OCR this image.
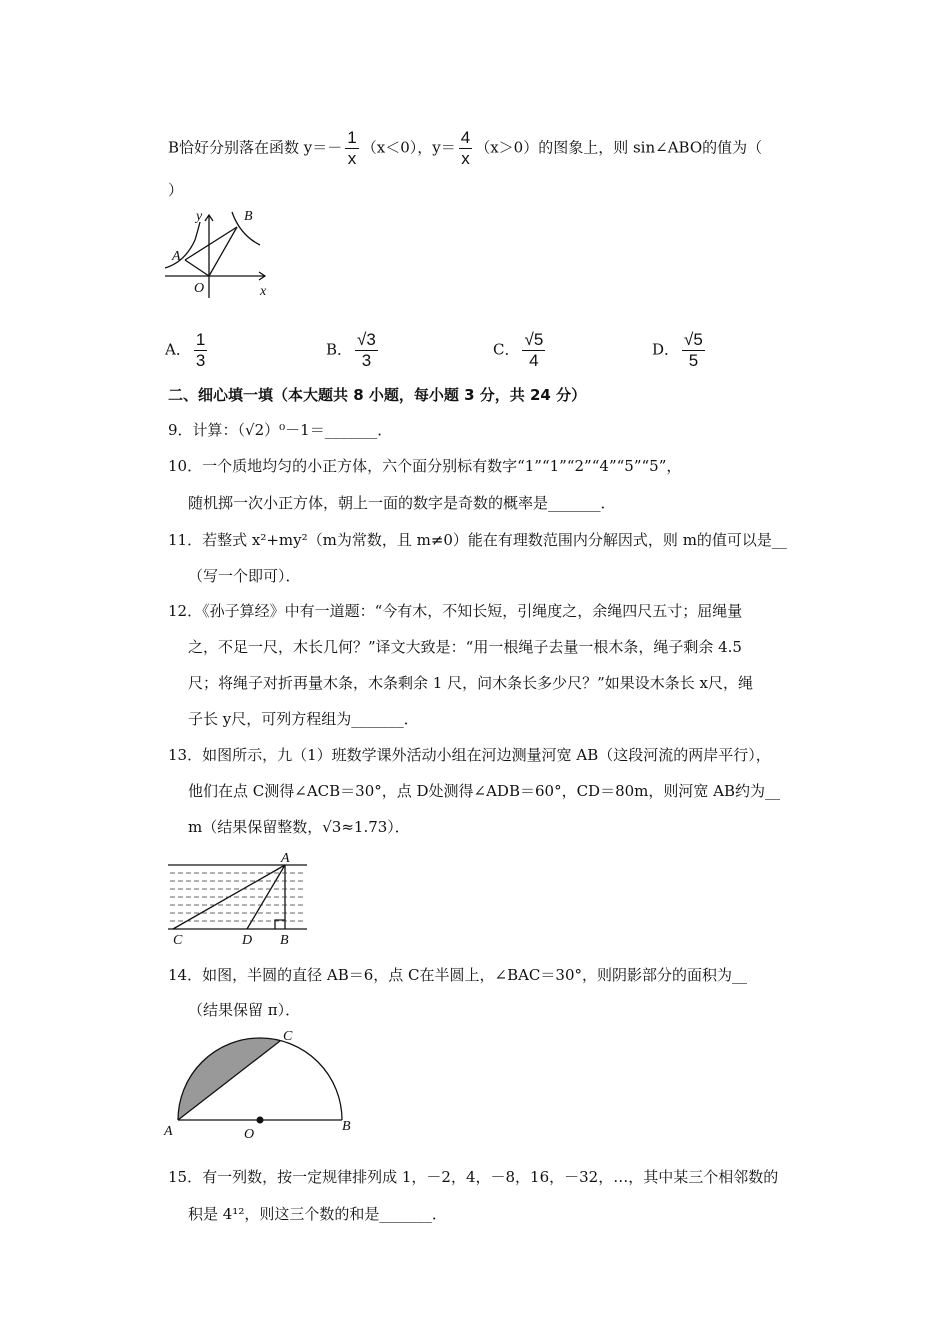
B恰好分别落在函数 $y=- \frac{1}{x} (x<0)$，$y= \frac{4}{x} (x>0)$的图象上，则 sin∠ABO的值为（
）
y	B
A
O	x
A． $\frac{1}{3}$	B． $\frac{√3}{3}$	C． $\frac{√5}{4}$	D． $\frac{√5}{5}$
二、细心填一填（本大题共 8 小题，每小题 3 分，共 24 分）
9．计算：（√2）⁰－1＝_______．
10．一个质地均匀的小正方体，六个面分别标有数字“1”“1”“2”“4”“5”“5”，
随机掷一次小正方体，朝上一面的数字是奇数的概率是_______．
11．若整式 x²+my²（m为常数，且 m≠0）能在有理数范围内分解因式，则 m的值可以是__
（写一个即可）．
12．《孙子算经》中有一道题：“今有木，不知长短，引绳度之，余绳四尺五寸；屈绳量
之，不足一尺，木长几何？”译文大致是：“用一根绳子去量一根木条，绳子剩余 4.5
尺；将绳子对折再量木条，木条剩余 1 尺，问木条长多少尺？”如果设木条长 x尺，绳
子长 y尺，可列方程组为_______．
13．如图所示，九（1）班数学课外活动小组在河边测量河宽 AB（这段河流的两岸平行），
他们在点 C测得∠ACB＝30°，点 D处测得∠ADB＝60°，CD＝80m，则河宽 AB约为__
m（结果保留整数，√3≈1.73）．
A
C	D B
14．如图，半圆的直径 AB＝6，点 C在半圆上，∠BAC＝30°，则阴影部分的面积为__
（结果保留 π）．
A	O
B
C
15．有一列数，按一定规律排列成 1，－2，4，－8，16，－32，…，其中某三个相邻数的
积是 4¹²，则这三个数的和是_______．
